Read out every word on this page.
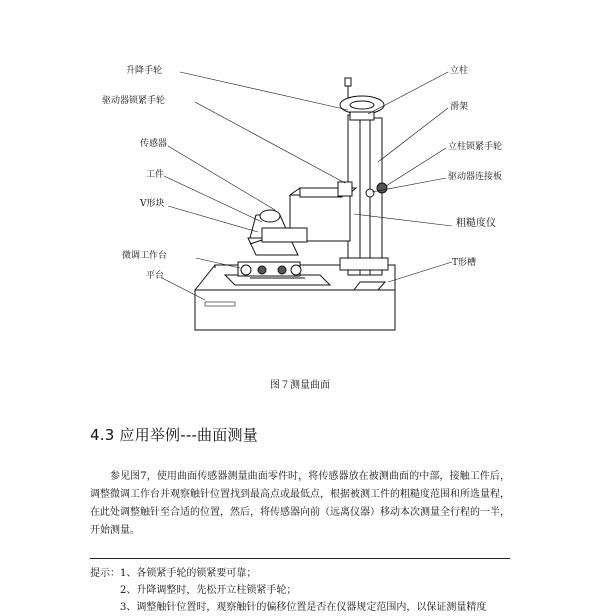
升降手轮
驱动器锁紧手轮
传感器
工件
V形块
微调工作台
平台
立柱
滑架
立柱锁紧手轮
驱动器连接板
粗糙度仪
T形槽
图７测量曲面
4.3 应用举例---曲面测量

参见图7，使用曲面传感器测量曲面零件时，将传感器放在被测曲面的中部，接触工件后，调整微调工作台并观察触针位置找到最高点或最低点，根据被测工件的粗糙度范围和所选量程，在此处调整触针至合适的位置，然后，将传感器向前（远离仪器）移动本次测量全行程的一半，开始测量。

提示：1、各锁紧手轮的锁紧要可靠；
2、升降调整时，先松开立柱锁紧手轮；
3、调整触针位置时，观察触针的偏移位置是否在仪器规定范围内，以保证测量精度
